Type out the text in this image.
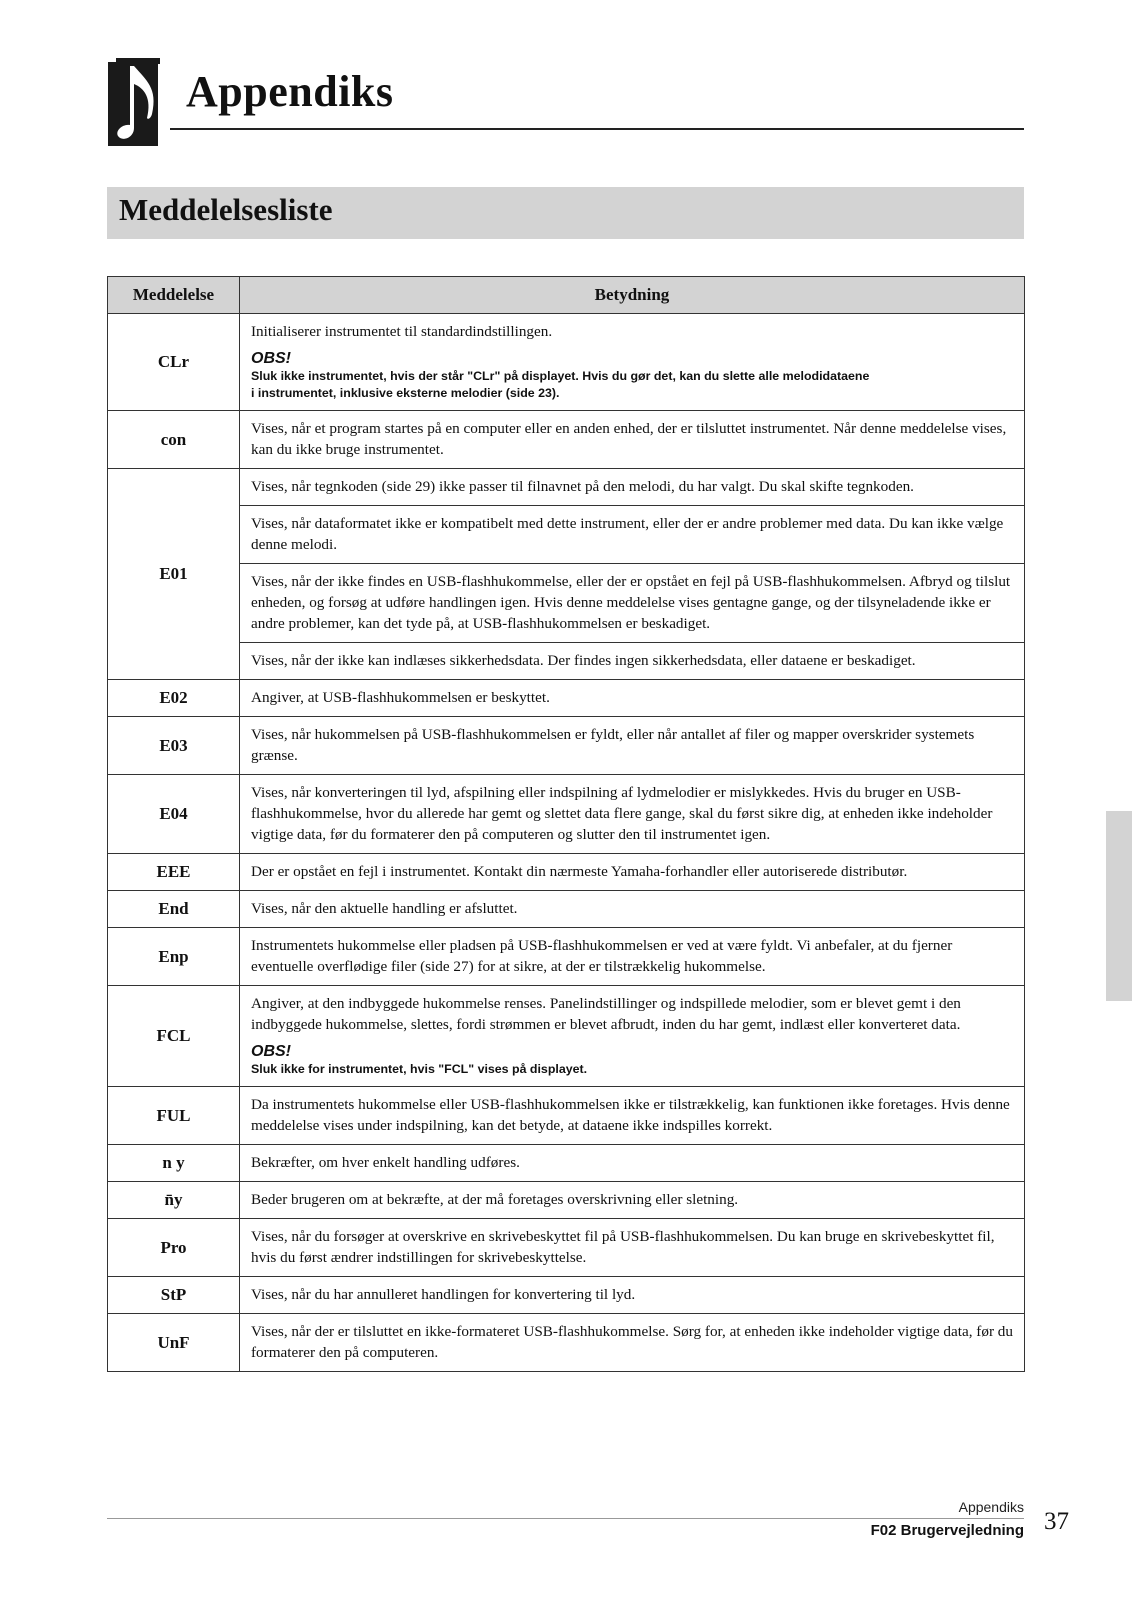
Appendiks
Meddelelsesliste
Meddelelse	Betydning
CLr	Initialiserer instrumentet til standardindstillingen.
OBS!
Sluk ikke instrumentet, hvis der står "CLr" på displayet. Hvis du gør det, kan du slette alle melodidataene
i instrumentet, inklusive eksterne melodier (side 23).

con	Vises, når et program startes på en computer eller en anden enhed, der er tilsluttet instrumentet. Når denne meddelelse vises, kan du ikke bruge instrumentet.

E01	Vises, når tegnkoden (side 29) ikke passer til filnavnet på den melodi, du har valgt. Du skal skifte tegnkoden.

	Vises, når dataformatet ikke er kompatibelt med dette instrument, eller der er andre problemer med data. Du kan ikke vælge denne melodi.

	Vises, når der ikke findes en USB-flashhukommelse, eller der er opstået en fejl på USB-flashhukommelsen. Afbryd og tilslut enheden, og forsøg at udføre handlingen igen. Hvis denne meddelelse vises gentagne gange, og der tilsyneladende ikke er andre problemer, kan det tyde på, at USB-flashhukommelsen er beskadiget.

	Vises, når der ikke kan indlæses sikkerhedsdata. Der findes ingen sikkerhedsdata, eller dataene er beskadiget.

E02	Angiver, at USB-flashhukommelsen er beskyttet.

E03	Vises, når hukommelsen på USB-flashhukommelsen er fyldt, eller når antallet af filer og mapper overskrider systemets grænse.

E04	Vises, når konverteringen til lyd, afspilning eller indspilning af lydmelodier er mislykkedes. Hvis du bruger en USB-flashhukommelse, hvor du allerede har gemt og slettet data flere gange, skal du først sikre dig, at enheden ikke indeholder vigtige data, før du formaterer den på computeren og slutter den til instrumentet igen.

EEE	Der er opstået en fejl i instrumentet. Kontakt din nærmeste Yamaha-forhandler eller autoriserede distributør.

End	Vises, når den aktuelle handling er afsluttet.

Enp	Instrumentets hukommelse eller pladsen på USB-flashhukommelsen er ved at være fyldt. Vi anbefaler, at du fjerner eventuelle overflødige filer (side 27) for at sikre, at der er tilstrækkelig hukommelse.

FCL	Angiver, at den indbyggede hukommelse renses. Panelindstillinger og indspillede melodier, som er blevet gemt i den indbyggede hukommelse, slettes, fordi strømmen er blevet afbrudt, inden du har gemt, indlæst eller konverteret data.
OBS!
Sluk ikke for instrumentet, hvis "FCL" vises på displayet.

FUL	Da instrumentets hukommelse eller USB-flashhukommelsen ikke er tilstrækkelig, kan funktionen ikke foretages. Hvis denne meddelelse vises under indspilning, kan det betyde, at dataene ikke indspilles korrekt.

n y	Bekræfter, om hver enkelt handling udføres.

n̄y	Beder brugeren om at bekræfte, at der må foretages overskrivning eller sletning.

Pro	Vises, når du forsøger at overskrive en skrivebeskyttet fil på USB-flashhukommelsen. Du kan bruge en skrivebeskyttet fil, hvis du først ændrer indstillingen for skrivebeskyttelse.

StP	Vises, når du har annulleret handlingen for konvertering til lyd.

UnF	Vises, når der er tilsluttet en ikke-formateret USB-flashhukommelse. Sørg for, at enheden ikke indeholder vigtige data, før du formaterer den på computeren.
Appendiks
F02 Brugervejledning 37
